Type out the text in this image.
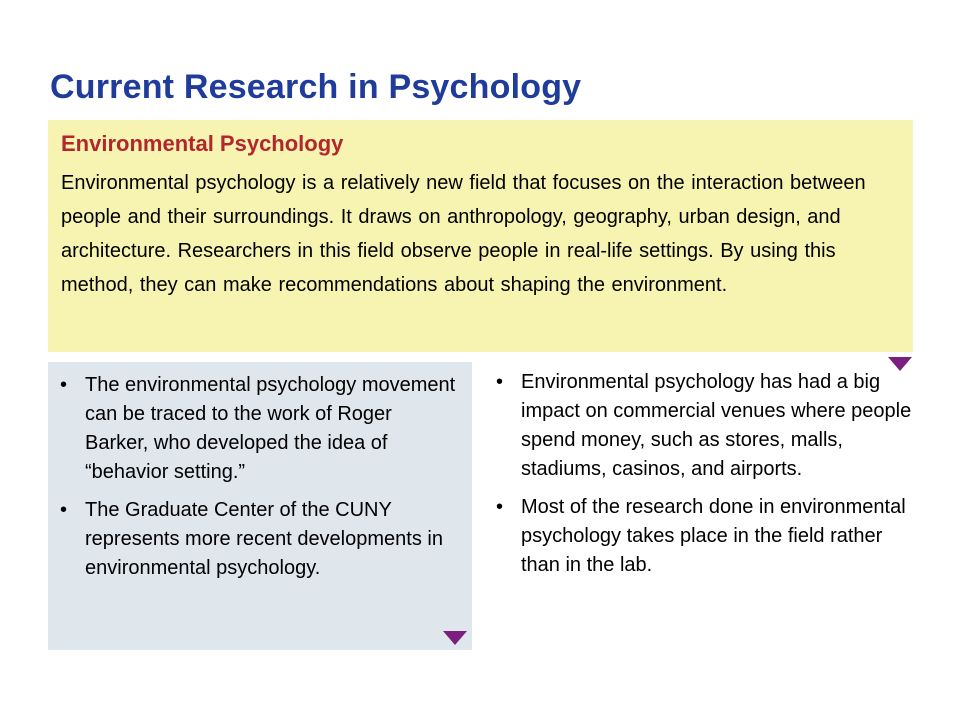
Current Research in Psychology
Environmental Psychology

Environmental psychology is a relatively new field that focuses on the interaction between people and their surroundings. It draws on anthropology, geography, urban design, and architecture. Researchers in this field observe people in real-life settings. By using this method, they can make recommendations about shaping the environment.

• The environmental psychology movement can be traced to the work of Roger Barker, who developed the idea of “behavior setting.”
• The Graduate Center of the CUNY represents more recent developments in environmental psychology.
• Environmental psychology has had a big impact on commercial venues where people spend money, such as stores, malls, stadiums, casinos, and airports.
• Most of the research done in environmental psychology takes place in the field rather than in the lab.
